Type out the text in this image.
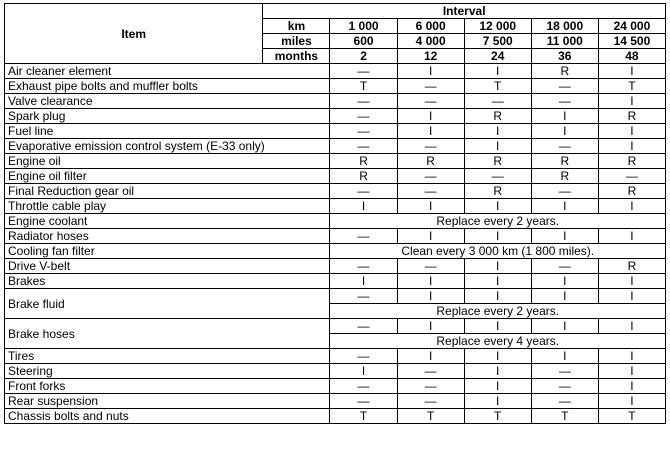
Item	Interval					
	km	1 000	6 000	12 000	18 000	24 000
	miles	600	4 000	7 500	11 000	14 500
	months	2	12	24	36	48
Air cleaner element		—	I	I	R	I
Exhaust pipe bolts and muffler bolts		T	—	T	—	T
Valve clearance		—	—	—	—	I
Spark plug		—	I	R	I	R
Fuel line		—	I	I	I	I
Evaporative emission control system (E-33 only)		—	—	I	—	I
Engine oil		R	R	R	R	R
Engine oil filter		R	—	—	R	—
Final Reduction gear oil		—	—	R	—	R
Throttle cable play		I	I	I	I	I
Engine coolant		Replace every 2 years.				
Radiator hoses		—	I	I	I	I
Cooling fan filter		Clean every 3 000 km (1 800 miles).				
Drive V-belt		—	—	I	—	R
Brakes		I	I	I	I	I
Brake fluid		—	I	I	I	I
		Replace every 2 years.				
Brake hoses		—	I	I	I	I
		Replace every 4 years.				
Tires		—	I	I	I	I
Steering		I	—	I	—	I
Front forks		—	—	I	—	I
Rear suspension		—	—	I	—	I
Chassis bolts and nuts		T	T	T	T	T
